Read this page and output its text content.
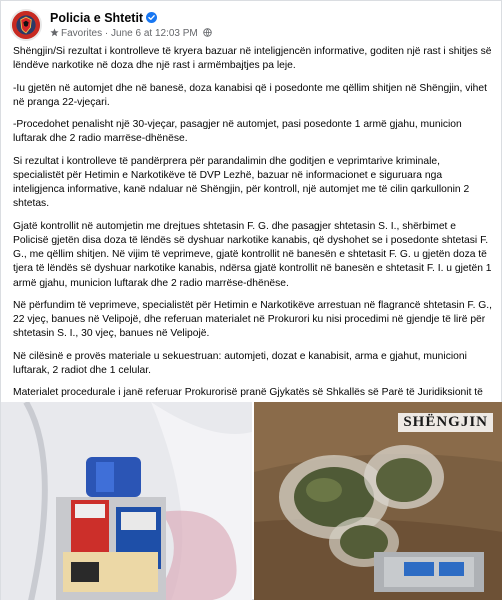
Policia e Shtetit
Favorites · June 6 at 12:03 PM

Shëngjin/Si rezultat i kontrolleve të kryera bazuar në inteligjencën informative, goditen një rast i shitjes së lëndëve narkotike në doza dhe një rast i armëmbajtjes pa leje.

-Iu gjetën në automjet dhe në banesë, doza kanabisi që i posedonte me qëllim shitjen në Shëngjin, vihet në pranga 22-vjeçari.

-Procedohet penalisht një 30-vjeçar, pasagjer në automjet, pasi posedonte 1 armë gjahu, municion luftarak dhe 2 radio marrëse-dhënëse.

Si rezultat i kontrolleve të pandërprera për parandalimin dhe goditjen e veprimtarive kriminale, specialistët për Hetimin e Narkotikëve të DVP Lezhë, bazuar në informacionet e siguruara nga inteligjenca informative, kanë ndaluar në Shëngjin, për kontroll, një automjet me të cilin qarkullonin 2 shtetas.

Gjatë kontrollit në automjetin me drejtues shtetasin F. G. dhe pasagjer shtetasin S. I., shërbimet e Policisë gjetën disa doza të lëndës së dyshuar narkotike kanabis, që dyshohet se i posedonte shtetasi F. G., me qëllim shitjen. Në vijim të veprimeve, gjatë kontrollit në banesën e shtetasit F. G. u gjetën doza të tjera të lëndës së dyshuar narkotike kanabis, ndërsa gjatë kontrollit në banesën e shtetasit F. I. u gjetën 1 armë gjahu, municion luftarak dhe 2 radio marrëse-dhënëse.

Në përfundim të veprimeve, specialistët për Hetimin e Narkotikëve arrestuan në flagrancë shtetasin F. G., 22 vjeç, banues në Velipojë, dhe referuan materialet në Prokurori ku nisi procedimi në gjendje të lirë për shtetasin S. I., 30 vjeç, banues në Velipojë.

Në cilësinë e provës materiale u sekuestruan: automjeti, dozat e kanabisit, arma e gjahut, municioni luftarak, 2 radiot dhe 1 celular.

Materialet procedurale i janë referuar Prokurorisë pranë Gjykatës së Shkallës së Parë të Juridiksionit të

SHËNGJIN
